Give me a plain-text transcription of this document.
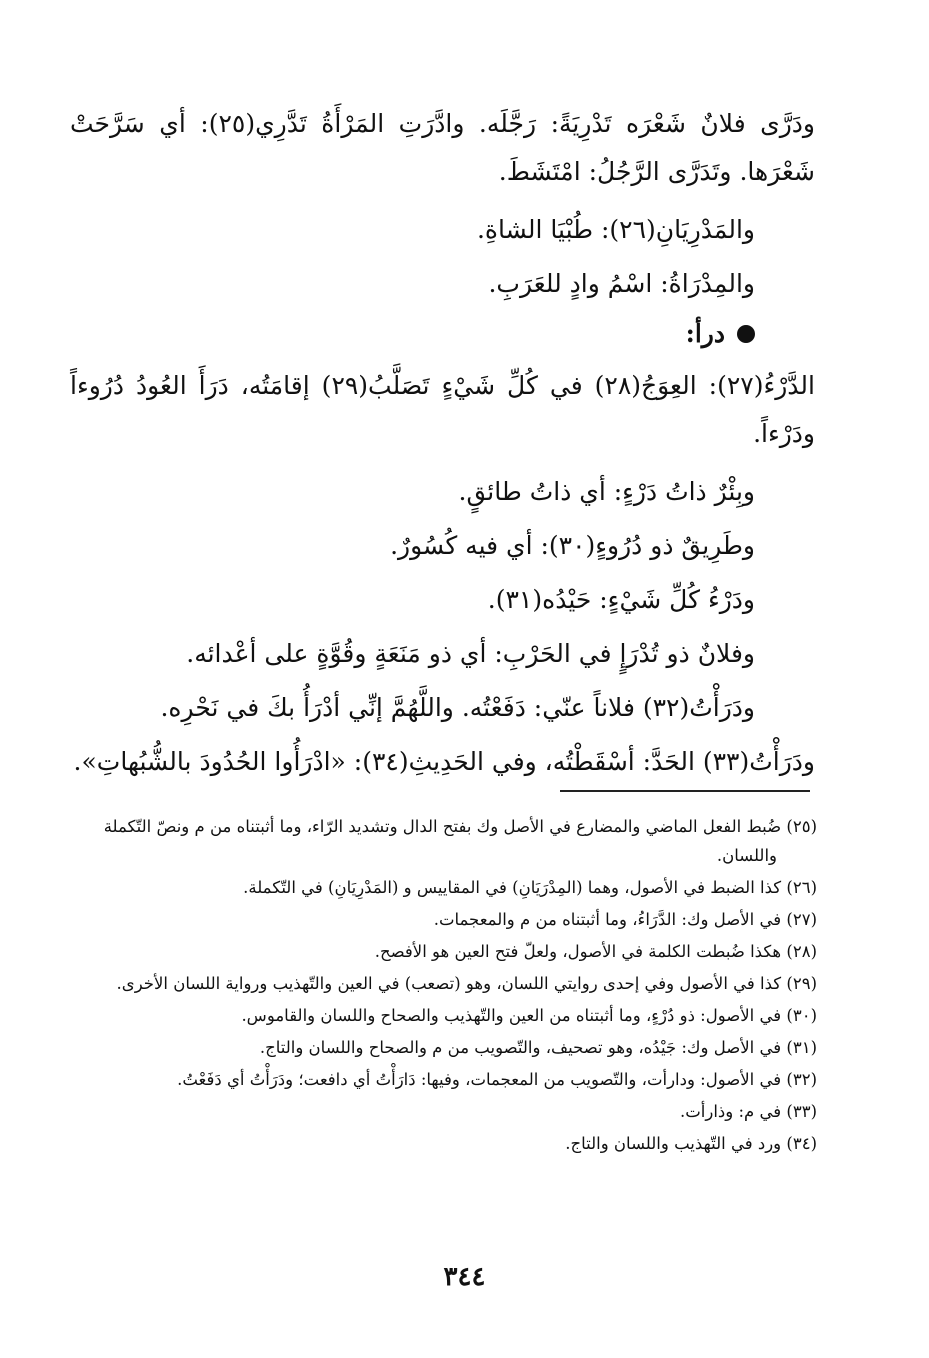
ودَرَّى فلانٌ شَعْرَه تَدْرِيَةً: رَجَّلَه. وادَّرَتِ المَرْأَةُ تَدَّرِي(٢٥): أي سَرَّحَتْ شَعْرَها. وتَدَرَّى الرَّجُلُ: امْتَشَطَ.

والمَدْرِيَانِ(٢٦): طُبْيَا الشاةِ.

والمِدْرَاةُ: اسْمُ وادٍ للعَرَبِ.

درأ:

الدَّرْءُ(٢٧): العِوَجُ(٢٨) في كُلِّ شَيْءٍ تَصَلَّبُ(٢٩) إقامَتُه، دَرَأَ العُودُ دُرُوءاً ودَرْءاً.

وبِئْرٌ ذاتُ دَرْءٍ: أي ذاتُ طائقٍ.

وطَرِيقٌ ذو دُرُوءٍ(٣٠): أي فيه كُسُورٌ.

ودَرْءُ كُلِّ شَيْءٍ: حَيْدُه(٣١).

وفلانٌ ذو تُدْرَإٍ في الحَرْبِ: أي ذو مَنَعَةٍ وقُوَّةٍ على أعْدائه.

ودَرَأْتُ(٣٢) فلاناً عنّي: دَفَعْتُه. واللَّهُمَّ إنِّي أدْرَأُ بكَ في نَحْرِه.

ودَرَأْتُ(٣٣) الحَدَّ: أسْقَطْتُه، وفي الحَدِيثِ(٣٤): «ادْرَأُوا الحُدُودَ بالشُّبُهاتِ».

(٢٥) ضُبط الفعل الماضي والمضارع في الأصل وك بفتح الدال وتشديد الرّاء، وما أثبتناه من م ونصّ التّكملة واللسان.

(٢٦) كذا الضبط في الأصول، وهما (المِدْرَيَانِ) في المقاييس و (المَدْرِيَانِ) في التّكملة.

(٢٧) في الأصل وك: الدَّرَاءُ، وما أثبتناه من م والمعجمات.

(٢٨) هكذا ضُبطت الكلمة في الأصول، ولعلّ فتح العين هو الأفصح.

(٢٩) كذا في الأصول وفي إحدى روايتي اللسان، وهو (تصعب) في العين والتّهذيب ورواية اللسان الأخرى.

(٣٠) في الأصول: ذو دُرْءٍ، وما أثبتناه من العين والتّهذيب والصحاح واللسان والقاموس.

(٣١) في الأصل وك: جَيْدُه، وهو تصحيف، والتّصويب من م والصحاح واللسان والتاج.

(٣٢) في الأصول: ودارأت، والتّصويب من المعجمات، وفيها: دَارَأْتُ أي دافعت؛ ودَرَأْتُ أي دَفَعْتُ.

(٣٣) في م: وذارأت.

(٣٤) ورد في التّهذيب واللسان والتاج.

٣٤٤
